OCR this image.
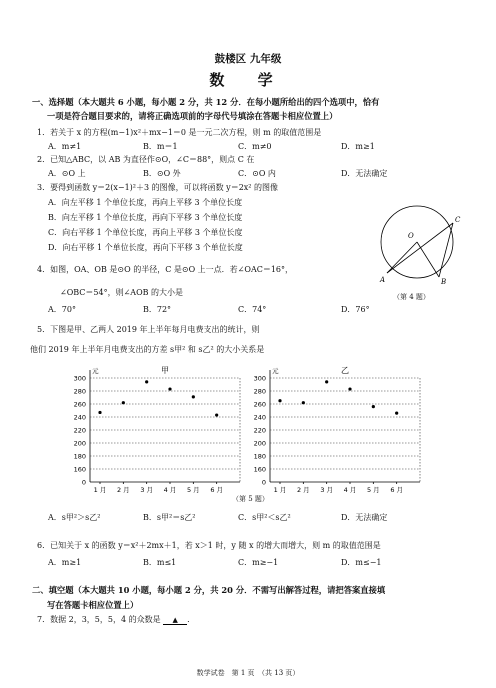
鼓楼区 九年级
数 学
一、选择题（本大题共 6 小题，每小题 2 分，共 12 分．在每小题所给出的四个选项中，恰有
一项是符合题目要求的，请将正确选项前的字母代号填涂在答题卡相应位置上）
1．若关于 x 的方程(m−1)x²＋mx−1＝0 是一元二次方程，则 m 的取值范围是
A．m≠1	B．m＝1	C．m≠0	D．m≥1
2．已知△ABC，以 AB 为直径作⊙O，∠C＝88°，则点 C 在
A．⊙O 上	B．⊙O 外	C．⊙O 内	D．无法确定
3．要得到函数 y＝2(x−1)²＋3 的图像，可以将函数 y＝2x² 的图像
A．向左平移 1 个单位长度，再向上平移 3 个单位长度
B．向左平移 1 个单位长度，再向下平移 3 个单位长度
C．向右平移 1 个单位长度，再向上平移 3 个单位长度
D．向右平移 1 个单位长度，再向下平移 3 个单位长度
4．如图，OA、OB 是⊙O 的半径，C 是⊙O 上一点．若∠OAC＝16°，
∠OBC＝54°，则∠AOB 的大小是
A．70°	B．72°	C．74°	D．76°
O
A	B
C
（第 4 题）
5．下图是甲、乙两人 2019 年上半年每月电费支出的统计，则
他们 2019 年上半年月电费支出的方差 s甲² 和 s乙² 的大小关系是
元	甲
0
160
180
200
220
240
260
280
300
1 月 2 月 3 月 4 月 5 月 6 月
元	乙
0
160
180
200
220
240
260
280
300
1 月 2 月 3 月 4 月 5 月 6 月
（第 5 题）
A．s甲²＞s乙²	B．s甲²＝s乙²	C．s甲²＜s乙²	D．无法确定
6．已知关于 x 的函数 y＝x²＋2mx＋1，若 x＞1 时，y 随 x 的增大而增大，则 m 的取值范围是
A．m≥1	B．m≤1	C．m≥−1	D．m≤−1
二、填空题（本大题共 10 小题，每小题 2 分，共 20 分．不需写出解答过程，请把答案直接填
写在答题卡相应位置上）
7．数据 2，3，5，5，4 的众数是 ▲ ．
数学试卷　第 1 页　（共 13 页）
